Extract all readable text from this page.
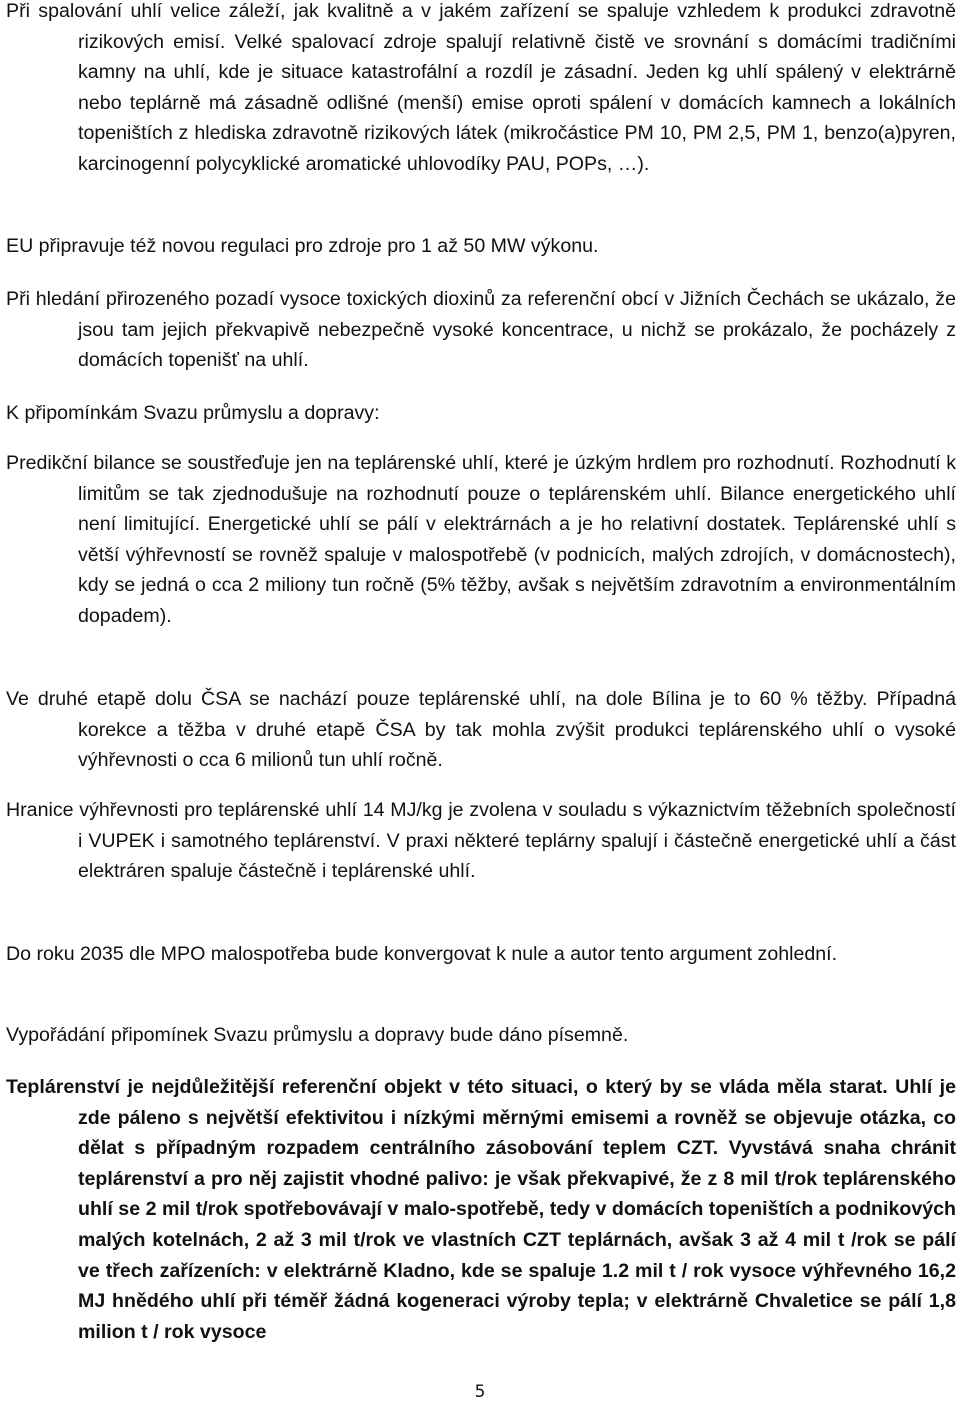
Při spalování uhlí velice záleží, jak kvalitně a v jakém zařízení se spaluje vzhledem k produkci zdravotně rizikových emisí. Velké spalovací zdroje spalují relativně čistě ve srovnání s domácími tradičními kamny na uhlí, kde je situace katastrofální a rozdíl je zásadní. Jeden kg uhlí spálený v elektrárně nebo teplárně má zásadně odlišné (menší) emise oproti spálení v domácích kamnech a lokálních topeništích z hlediska zdravotně rizikových látek (mikročástice PM 10, PM 2,5, PM 1, benzo(a)pyren, karcinogenní polycyklické aromatické uhlovodíky PAU, POPs, …).

EU připravuje též novou regulaci pro zdroje pro 1 až 50 MW výkonu.

Při hledání přirozeného pozadí vysoce toxických dioxinů za referenční obcí v Jižních Čechách se ukázalo, že jsou tam jejich překvapivě nebezpečně vysoké koncentrace, u nichž se prokázalo, že pocházely z domácích topenišť na uhlí.

K připomínkám Svazu průmyslu a dopravy:

Predikční bilance se soustřeďuje jen na teplárenské uhlí, které je úzkým hrdlem pro rozhodnutí. Rozhodnutí k limitům se tak zjednodušuje na rozhodnutí pouze o teplárenském uhlí. Bilance energetického uhlí není limitující. Energetické uhlí se pálí v elektrárnách a je ho relativní dostatek. Teplárenské uhlí s větší výhřevností se rovněž spaluje v malospotřebě (v podnicích, malých zdrojích, v domácnostech), kdy se jedná o cca 2 miliony tun ročně (5% těžby, avšak s největším zdravotním a environmentálním dopadem).

Ve druhé etapě dolu ČSA se nachází pouze teplárenské uhlí, na dole Bílina je to 60 % těžby. Případná korekce a těžba v druhé etapě ČSA by tak mohla zvýšit produkci teplárenského uhlí o vysoké výhřevnosti o cca 6 milionů tun uhlí ročně.

Hranice výhřevnosti pro teplárenské uhlí 14 MJ/kg je zvolena v souladu s výkaznictvím těžebních společností i VUPEK i samotného teplárenství. V praxi některé teplárny spalují i částečně energetické uhlí a část elektráren spaluje částečně i teplárenské uhlí.

Do roku 2035 dle MPO malospotřeba bude konvergovat k nule a autor tento argument zohlední.

Vypořádání připomínek Svazu průmyslu a dopravy bude dáno písemně.

Teplárenství je nejdůležitější referenční objekt v této situaci, o který by se vláda měla starat. Uhlí je zde páleno s největší efektivitou i nízkými měrnými emisemi a rovněž se objevuje otázka, co dělat s případným rozpadem centrálního zásobování teplem CZT. Vyvstává snaha chránit teplárenství a pro něj zajistit vhodné palivo: je však překvapivé, že z 8 mil t/rok teplárenského uhlí se 2 mil t/rok spotřebovávají v malo-spotřebě, tedy v domácích topeništích a podnikových malých kotelnách, 2 až 3 mil t/rok ve vlastních CZT teplárnách, avšak 3 až 4 mil t /rok se pálí ve třech zařízeních: v elektrárně Kladno, kde se spaluje 1.2 mil t / rok vysoce výhřevného 16,2 MJ hnědého uhlí při téměř žádná kogeneraci výroby tepla; v elektrárně Chvaletice se pálí 1,8 milion t / rok vysoce

5
